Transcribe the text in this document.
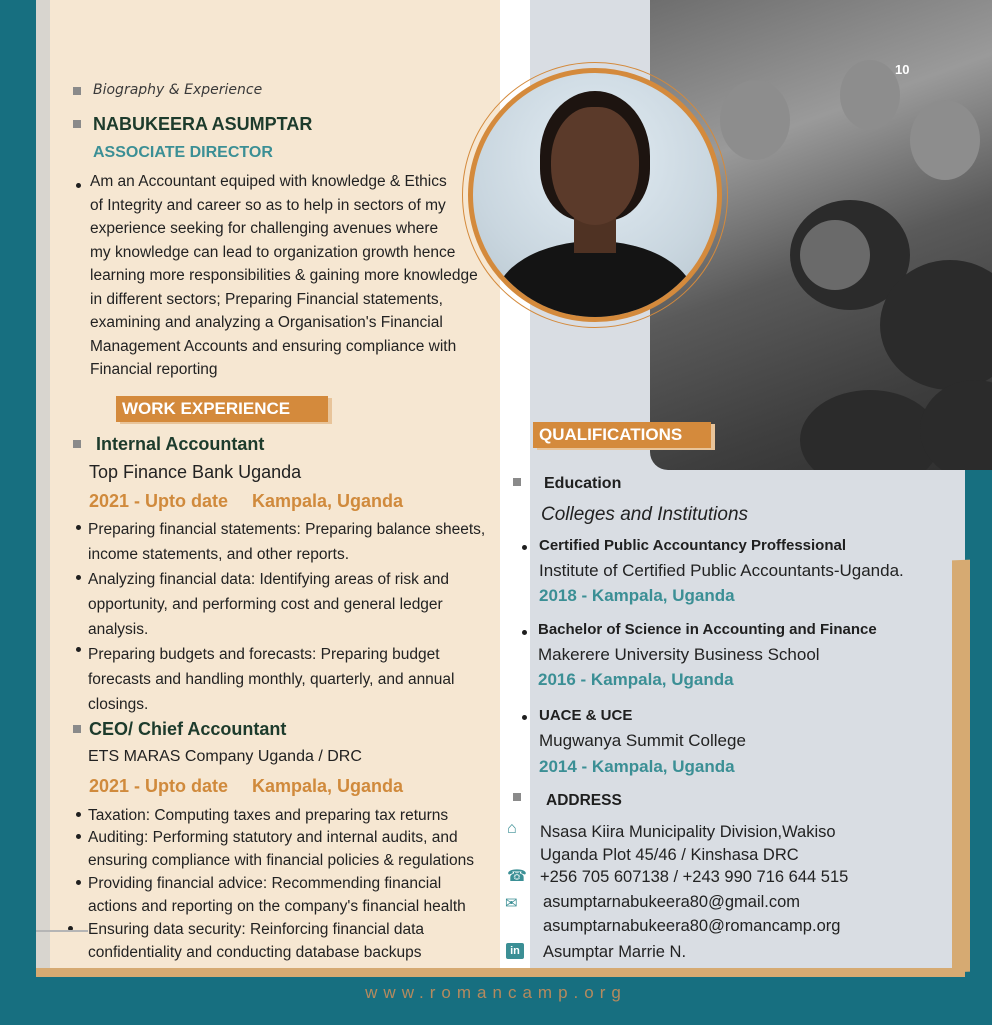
10
Biography & Experience
NABUKEERA ASUMPTAR
ASSOCIATE DIRECTOR
Am an Accountant equiped with knowledge & Ethics
of Integrity and career so as to help in sectors of my
experience seeking for challenging avenues where
my knowledge can lead to organization growth hence
learning more responsibilities & gaining more knowledge
in different sectors; Preparing Financial statements,
examining and analyzing a Organisation's Financial
Management Accounts and ensuring compliance with
Financial reporting
WORK EXPERIENCE
Internal Accountant
Top Finance Bank Uganda
2021 - Upto date Kampala, Uganda
Preparing financial statements: Preparing balance sheets,
income statements, and other reports.
Analyzing financial data: Identifying areas of risk and
opportunity, and performing cost and general ledger
analysis.
Preparing budgets and forecasts: Preparing budget
forecasts and handling monthly, quarterly, and annual
closings.
CEO/ Chief Accountant
ETS MARAS Company Uganda / DRC
2021 - Upto date Kampala, Uganda
Taxation: Computing taxes and preparing tax returns
Auditing: Performing statutory and internal audits, and
ensuring compliance with financial policies & regulations
Providing financial advice: Recommending financial
actions and reporting on the company's financial health
Ensuring data security: Reinforcing financial data
confidentiality and conducting database backups
QUALIFICATIONS
Education
Colleges and Institutions
Certified Public Accountancy Proffessional
Institute of Certified Public Accountants-Uganda.
2018 - Kampala, Uganda
Bachelor of Science in Accounting and Finance
Makerere University Business School
2016 - Kampala, Uganda
UACE & UCE
Mugwanya Summit College
2014 - Kampala, Uganda
ADDRESS
⌂ Nsasa Kiira Municipality Division,Wakiso
Uganda Plot 45/46 / Kinshasa DRC
☎ +256 705 607138 / +243 990 716 644 515
✉ asumptarnabukeera80@gmail.com
asumptarnabukeera80@romancamp.org
in Asumptar Marrie N.
www.romancamp.org
